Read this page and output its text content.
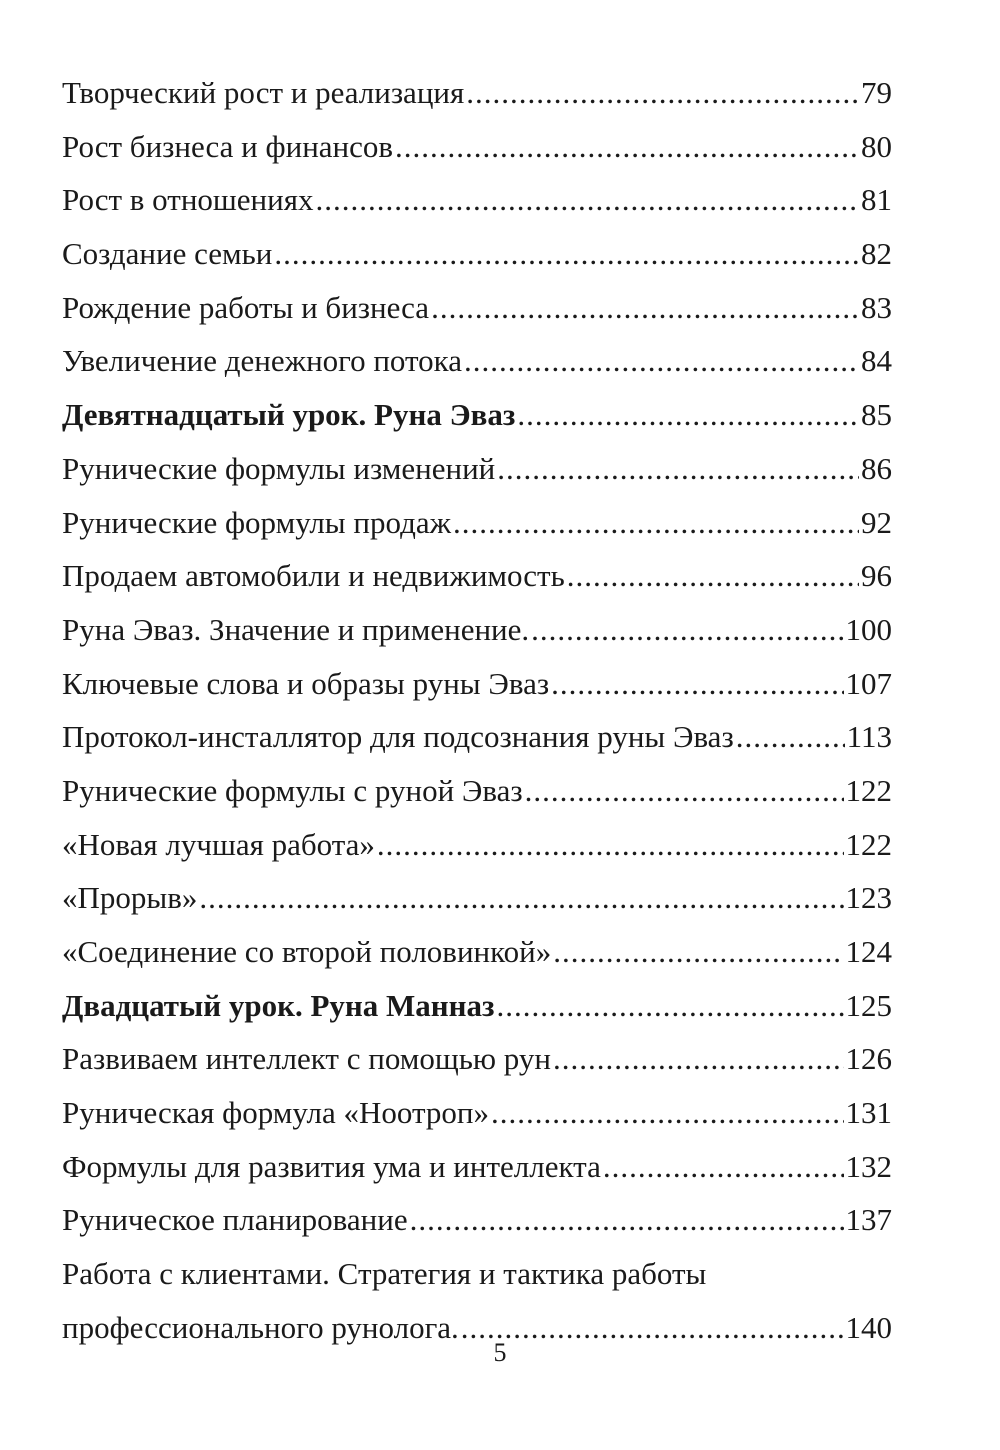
Творческий рост и реализация .....	79
Рост бизнеса и финансов .....	80
Рост в отношениях .....	81
Создание семьи .....	82
Рождение работы и бизнеса .....	83
Увеличение денежного потока .....	84
Девятнадцатый урок. Руна Эваз .....	85
Рунические формулы изменений .....	86
Рунические формулы продаж .....	92
Продаем автомобили и недвижимость .....	96
Руна Эваз. Значение и применение. .....	100
Ключевые слова и образы руны Эваз .....	107
Протокол-инсталлятор для подсознания руны Эваз .....	113
Рунические формулы с руной Эваз .....	122
«Новая лучшая работа» .....	122
«Прорыв» .....	123
«Соединение со второй половинкой» .....	124
Двадцатый урок. Руна Манназ .....	125
Развиваем интеллект с помощью рун .....	126
Руническая формула «Ноотроп» .....	131
Формулы для развития ума и интеллекта .....	132
Руническое планирование .....	137
Работа с клиентами. Стратегия и тактика работы
профессионального рунолога. .....	140
5
